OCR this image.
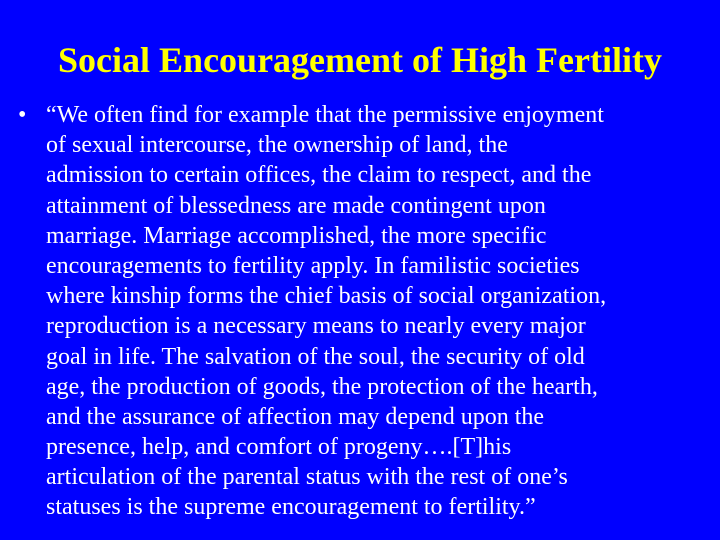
Social Encouragement of High Fertility
• “We often find for example that the permissive enjoyment
of sexual intercourse, the ownership of land, the
admission to certain offices, the claim to respect, and the
attainment of blessedness are made contingent upon
marriage. Marriage accomplished, the more specific
encouragements to fertility apply. In familistic societies
where kinship forms the chief basis of social organization,
reproduction is a necessary means to nearly every major
goal in life. The salvation of the soul, the security of old
age, the production of goods, the protection of the hearth,
and the assurance of affection may depend upon the
presence, help, and comfort of progeny….[T]his
articulation of the parental status with the rest of one’s
statuses is the supreme encouragement to fertility.”
